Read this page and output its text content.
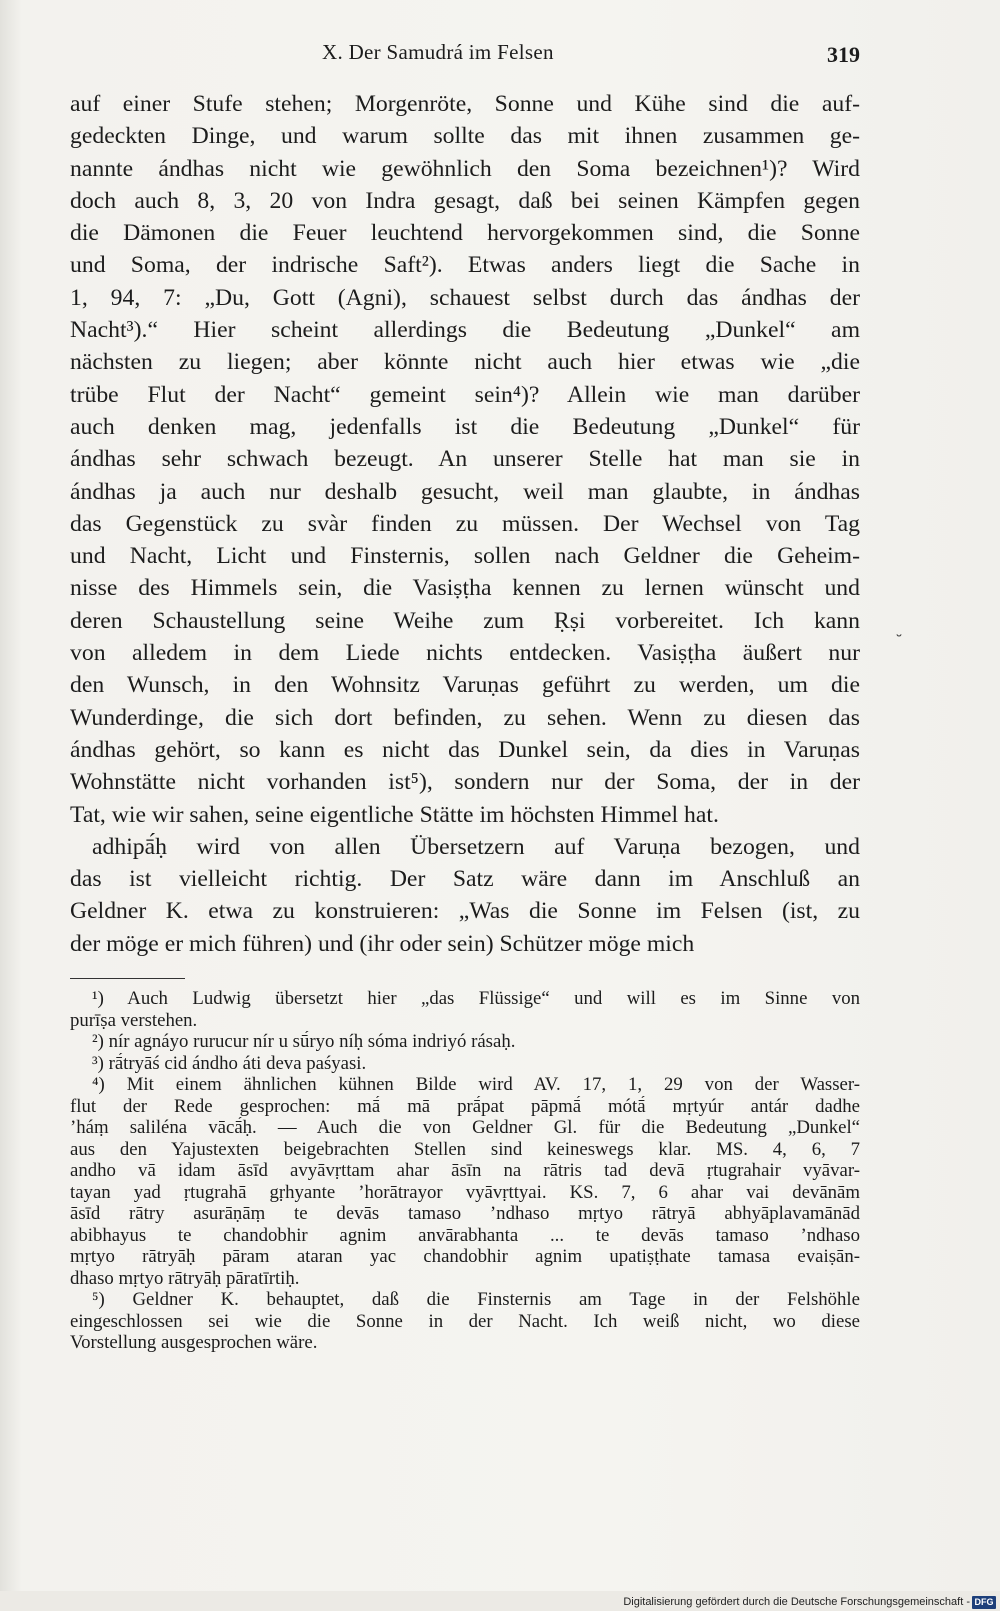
X. Der Samudrá im Felsen	319
auf einer Stufe stehen; Morgenröte, Sonne und Kühe sind die auf-
gedeckten Dinge, und warum sollte das mit ihnen zusammen ge-
nannte ándhas nicht wie gewöhnlich den Soma bezeichnen¹)? Wird
doch auch 8, 3, 20 von Indra gesagt, daß bei seinen Kämpfen gegen
die Dämonen die Feuer leuchtend hervorgekommen sind, die Sonne
und Soma, der indrische Saft²). Etwas anders liegt die Sache in
1, 94, 7: „Du, Gott (Agni), schauest selbst durch das ándhas der
Nacht³).“ Hier scheint allerdings die Bedeutung „Dunkel“ am
nächsten zu liegen; aber könnte nicht auch hier etwas wie „die
trübe Flut der Nacht“ gemeint sein⁴)? Allein wie man darüber
auch denken mag, jedenfalls ist die Bedeutung „Dunkel“ für
ándhas sehr schwach bezeugt. An unserer Stelle hat man sie in
ándhas ja auch nur deshalb gesucht, weil man glaubte, in ándhas
das Gegenstück zu svàr finden zu müssen. Der Wechsel von Tag
und Nacht, Licht und Finsternis, sollen nach Geldner die Geheim-
nisse des Himmels sein, die Vasiṣṭha kennen zu lernen wünscht und
deren Schaustellung seine Weihe zum Ṛṣi vorbereitet. Ich kann
von alledem in dem Liede nichts entdecken. Vasiṣṭha äußert nur
den Wunsch, in den Wohnsitz Varuṇas geführt zu werden, um die
Wunderdinge, die sich dort befinden, zu sehen. Wenn zu diesen das
ándhas gehört, so kann es nicht das Dunkel sein, da dies in Varuṇas
Wohnstätte nicht vorhanden ist⁵), sondern nur der Soma, der in der
Tat, wie wir sahen, seine eigentliche Stätte im höchsten Himmel hat.
adhipā́ḥ wird von allen Übersetzern auf Varuṇa bezogen, und
das ist vielleicht richtig. Der Satz wäre dann im Anschluß an
Geldner K. etwa zu konstruieren: „Was die Sonne im Felsen (ist, zu
der möge er mich führen) und (ihr oder sein) Schützer möge mich
˘
¹) Auch Ludwig übersetzt hier „das Flüssige“ und will es im Sinne von
purīṣa verstehen.
²) nír agnáyo rurucur nír u sū́ryo níḥ sóma indriyó rásaḥ.
³) rā́tryāś cid ándho áti deva paśyasi.
⁴) Mit einem ähnlichen kühnen Bilde wird AV. 17, 1, 29 von der Wasser-
flut der Rede gesprochen: mā́ mā prā́pat pāpmā́ mótā́ mṛtyúr antár dadhe
’háṃ saliléna vācā́ḥ. — Auch die von Geldner Gl. für die Bedeutung „Dunkel“
aus den Yajustexten beigebrachten Stellen sind keineswegs klar. MS. 4, 6, 7
andho vā idam āsīd avyāvṛttam ahar āsīn na rātris tad devā ṛtugrahair vyāvar-
tayan yad ṛtugrahā gṛhyante ’horātrayor vyāvṛttyai. KS. 7, 6 ahar vai devānām
āsīd rātry asurāṇāṃ te devās tamaso ’ndhaso mṛtyo rātryā abhyāplavamānād
abibhayus te chandobhir agnim anvārabhanta ... te devās tamaso ’ndhaso
mṛtyo rātryāḥ pāram ataran yac chandobhir agnim upatiṣṭhate tamasa evaiṣān-
dhaso mṛtyo rātryāḥ pāratīrtiḥ.
⁵) Geldner K. behauptet, daß die Finsternis am Tage in der Felshöhle
eingeschlossen sei wie die Sonne in der Nacht. Ich weiß nicht, wo diese
Vorstellung ausgesprochen wäre.
Digitalisierung gefördert durch die Deutsche Forschungsgemeinschaft - DFG
